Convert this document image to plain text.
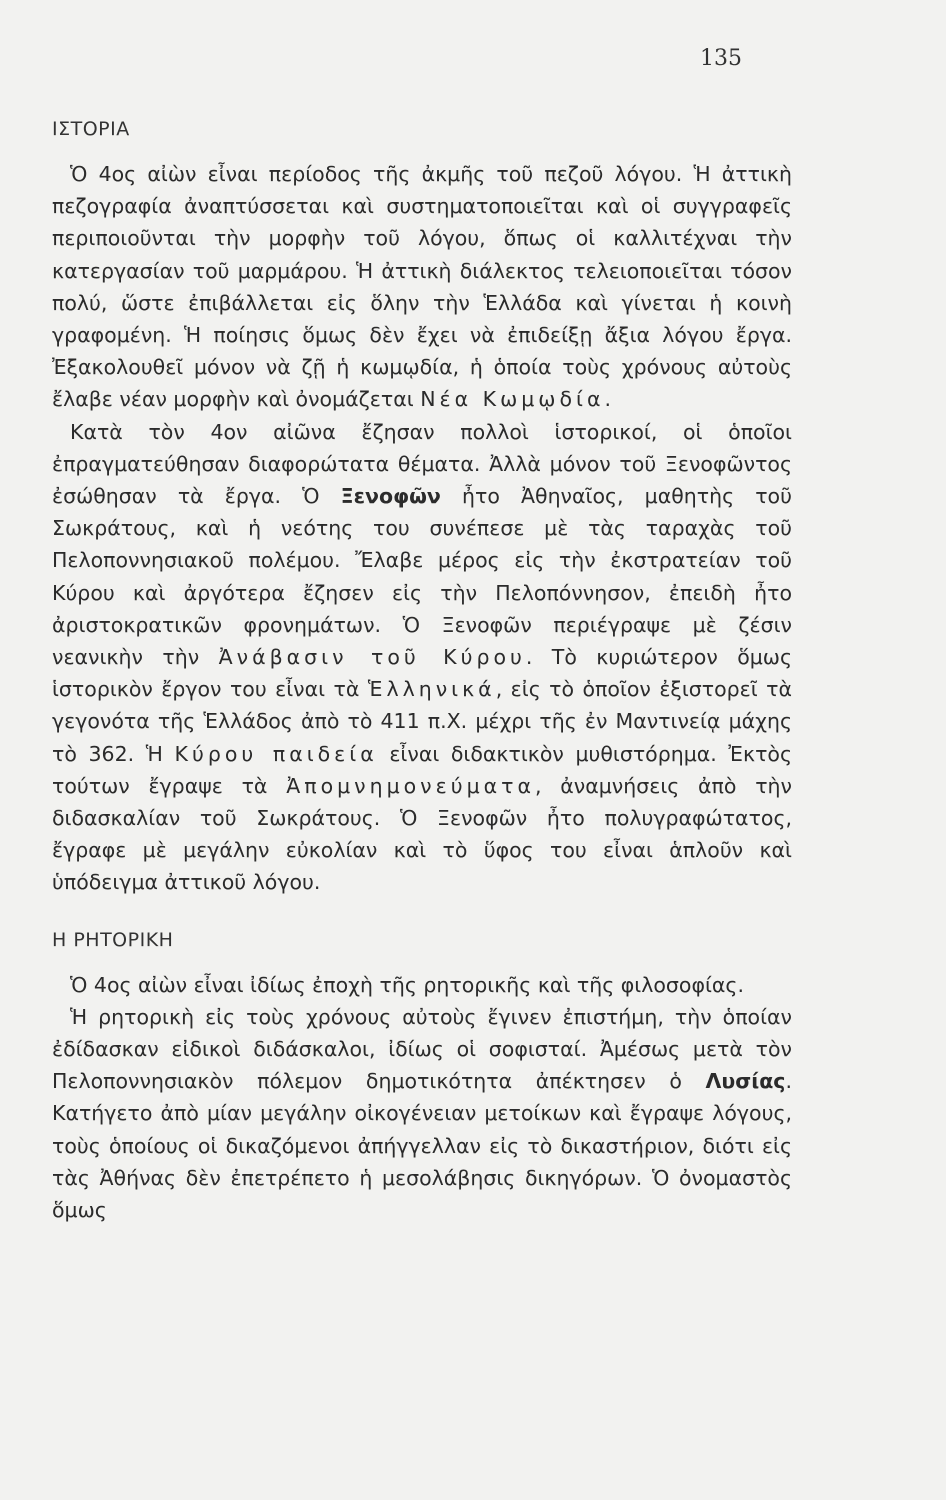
135
ΙΣΤΟΡΙΑ

Ὁ 4ος αἰὼν εἶναι περίοδος τῆς ἀκμῆς τοῦ πεζοῦ λόγου. Ἡ ἀττικὴ πεζογραφία ἀναπτύσσεται καὶ συστηματοποιεῖται καὶ οἱ συγγραφεῖς περιποιοῦνται τὴν μορφὴν τοῦ λόγου, ὅπως οἱ καλλιτέχναι τὴν κατεργασίαν τοῦ μαρμάρου. Ἡ ἀττικὴ διάλεκτος τελειοποιεῖται τόσον πολύ, ὥστε ἐπιβάλλεται εἰς ὅλην τὴν Ἑλλάδα καὶ γίνεται ἡ κοινὴ γραφομένη. Ἡ ποίησις ὅμως δὲν ἔχει νὰ ἐπιδείξῃ ἄξια λόγου ἔργα. Ἐξακολουθεῖ μόνον νὰ ζῇ ἡ κωμῳδία, ἡ ὁποία τοὺς χρόνους αὐτοὺς ἔλαβε νέαν μορφὴν καὶ ὀνομάζεται Νέα Κωμῳδία.

Κατὰ τὸν 4ον αἰῶνα ἔζησαν πολλοὶ ἱστορικοί, οἱ ὁποῖοι ἐπραγματεύθησαν διαφορώτατα θέματα. Ἀλλὰ μόνον τοῦ Ξενοφῶντος ἐσώθησαν τὰ ἔργα. Ὁ Ξενοφῶν ἦτο Ἀθηναῖος, μαθητὴς τοῦ Σωκράτους, καὶ ἡ νεότης του συνέπεσε μὲ τὰς ταραχὰς τοῦ Πελοποννησιακοῦ πολέμου. Ἔλαβε μέρος εἰς τὴν ἐκστρατείαν τοῦ Κύρου καὶ ἀργότερα ἔζησεν εἰς τὴν Πελοπόννησον, ἐπειδὴ ἦτο ἀριστοκρατικῶν φρονημάτων. Ὁ Ξενοφῶν περιέγραψε μὲ ζέσιν νεανικὴν τὴν Ἀνάβασιν τοῦ Κύρου. Τὸ κυριώτερον ὅμως ἱστορικὸν ἔργον του εἶναι τὰ Ἑλληνικά, εἰς τὸ ὁποῖον ἐξιστορεῖ τὰ γεγονότα τῆς Ἑλλάδος ἀπὸ τὸ 411 π.Χ. μέχρι τῆς ἐν Μαντινείᾳ μάχης τὸ 362. Ἡ Κύρου παιδεία εἶναι διδακτικὸν μυθιστόρημα. Ἐκτὸς τούτων ἔγραψε τὰ Ἀπομνημονεύματα, ἀναμνήσεις ἀπὸ τὴν διδασκαλίαν τοῦ Σωκράτους. Ὁ Ξενοφῶν ἦτο πολυγραφώτατος, ἔγραφε μὲ μεγάλην εὐκολίαν καὶ τὸ ὕφος του εἶναι ἁπλοῦν καὶ ὑπόδειγμα ἀττικοῦ λόγου.

Η ΡΗΤΟΡΙΚΗ

Ὁ 4ος αἰὼν εἶναι ἰδίως ἐποχὴ τῆς ρητορικῆς καὶ τῆς φιλοσοφίας.

Ἡ ρητορικὴ εἰς τοὺς χρόνους αὐτοὺς ἔγινεν ἐπιστήμη, τὴν ὁποίαν ἐδίδασκαν εἰδικοὶ διδάσκαλοι, ἰδίως οἱ σοφισταί. Ἀμέσως μετὰ τὸν Πελοποννησιακὸν πόλεμον δημοτικότητα ἀπέκτησεν ὁ Λυσίας. Κατήγετο ἀπὸ μίαν μεγάλην οἰκογένειαν μετοίκων καὶ ἔγραψε λόγους, τοὺς ὁποίους οἱ δικαζόμενοι ἀπήγγελλαν εἰς τὸ δικαστήριον, διότι εἰς τὰς Ἀθήνας δὲν ἐπετρέπετο ἡ μεσολάβησις δικηγόρων. Ὁ ὀνομαστὸς ὅμως
